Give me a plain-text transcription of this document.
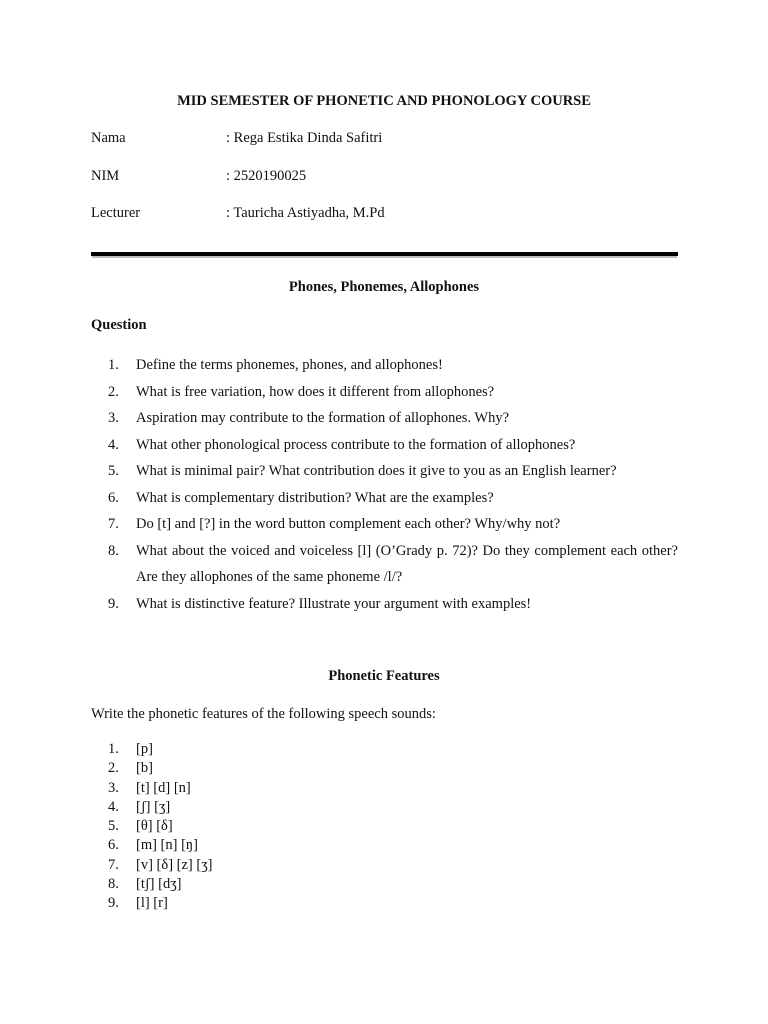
MID SEMESTER OF PHONETIC AND PHONOLOGY COURSE
Nama	: Rega Estika Dinda Safitri
NIM	: 2520190025
Lecturer	: Tauricha Astiyadha, M.Pd
Phones, Phonemes, Allophones
Question
1. Define the terms phonemes, phones, and allophones!
2. What is free variation, how does it different from allophones?
3. Aspiration may contribute to the formation of allophones. Why?
4. What other phonological process contribute to the formation of allophones?
5. What is minimal pair? What contribution does it give to you as an English learner?
6. What is complementary distribution? What are the examples?
7. Do [t] and [?] in the word button complement each other? Why/why not?
8. What about the voiced and voiceless [l] (O’Grady p. 72)? Do they complement each other? Are they allophones of the same phoneme /l/?
9. What is distinctive feature? Illustrate your argument with examples!
Phonetic Features
Write the phonetic features of the following speech sounds:
1. [p]
2. [b]
3. [t] [d] [n]
4. [ʃ] [ʒ]
5. [θ] [δ]
6. [m] [n] [ŋ]
7. [v] [δ] [z] [ʒ]
8. [tʃ] [dʒ]
9. [l] [r]
